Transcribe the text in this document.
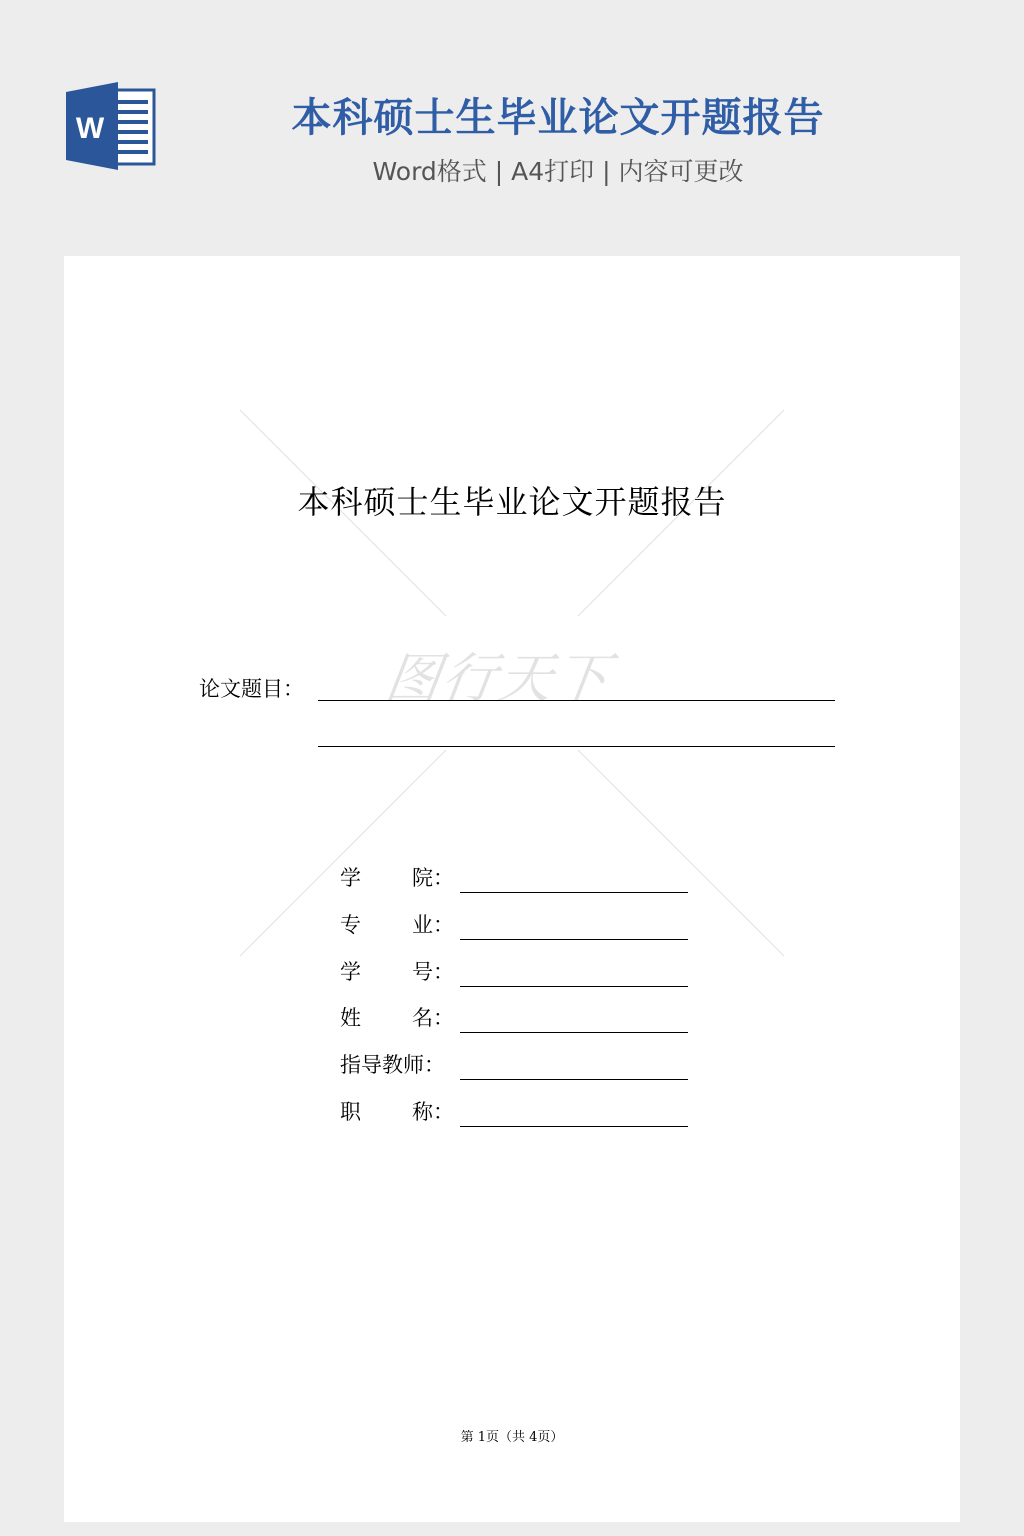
W	本科硕士生毕业论文开题报告
Word格式 | A4打印 | 内容可更改
图行天下
本科硕士生毕业论文开题报告
论文题目：
学 院：
专 业：
学 号：
姓 名：
指导教师：
职 称：
第 1页（共 4页）
